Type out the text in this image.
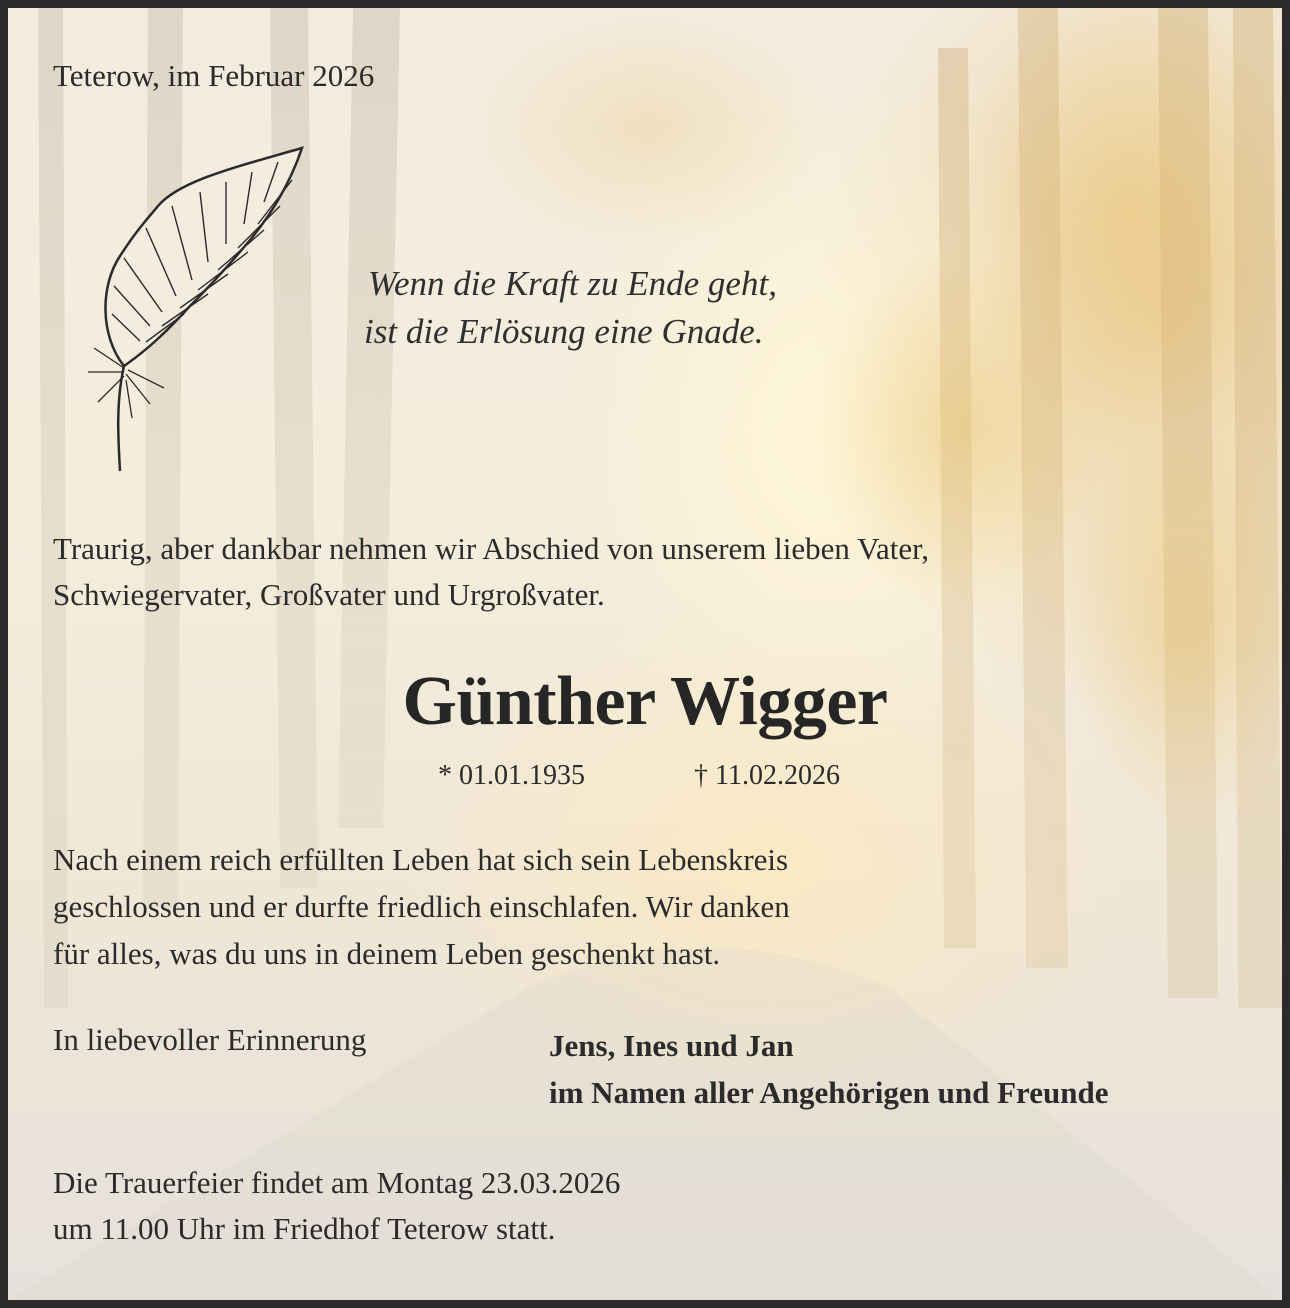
Teterow, im Februar 2026
Wenn die Kraft zu Ende geht,
ist die Erlösung eine Gnade.
Traurig, aber dankbar nehmen wir Abschied von unserem lieben Vater,
Schwiegervater, Großvater und Urgroßvater.
Günther Wigger
* 01.01.1935	† 11.02.2026
Nach einem reich erfüllten Leben hat sich sein Lebenskreis
geschlossen und er durfte friedlich einschlafen. Wir danken
für alles, was du uns in deinem Leben geschenkt hast.
In liebevoller Erinnerung	Jens, Ines und Jan
im Namen aller Angehörigen und Freunde
Die Trauerfeier findet am Montag 23.03.2026
um 11.00 Uhr im Friedhof Teterow statt.
